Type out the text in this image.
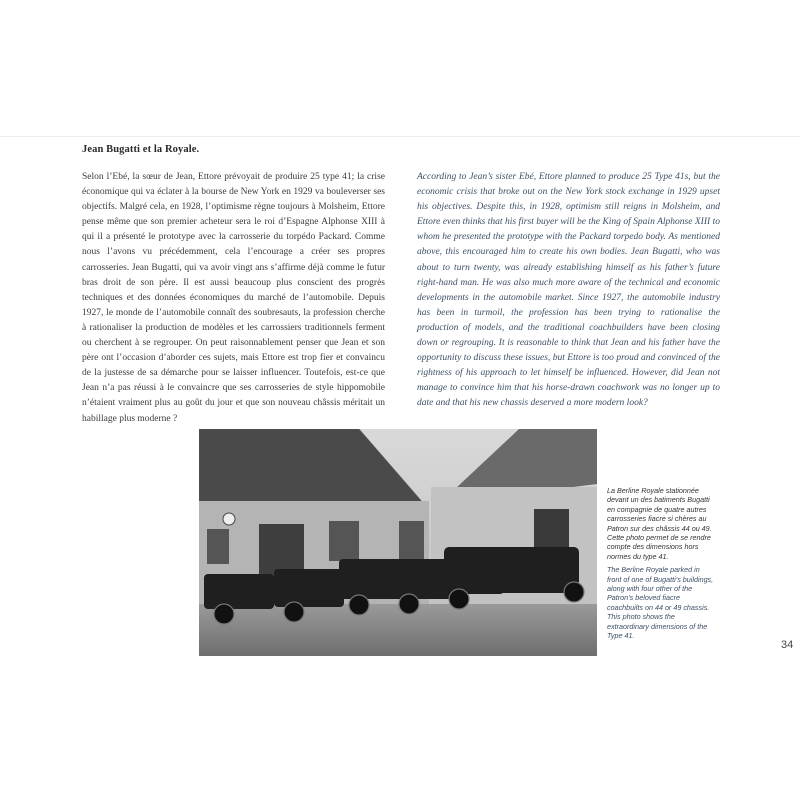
Jean Bugatti et la Royale.

Selon l’Ebé, la sœur de Jean, Ettore prévoyait de produire 25 type 41; la crise économique qui va éclater à la bourse de New York en 1929 va bouleverser ses objectifs. Malgré cela, en 1928, l’optimisme règne toujours à Molsheim, Ettore pense même que son premier acheteur sera le roi d’Espagne Alphonse XIII à qui il a présenté le prototype avec la carrosserie du torpédo Packard. Comme nous l’avons vu précédemment, cela l’encourage a créer ses propres carrosseries. Jean Bugatti, qui va avoir vingt ans s’affirme déjà comme le futur bras droit de son père. Il est aussi beaucoup plus conscient des progrès techniques et des données économiques du marché de l’automobile. Depuis 1927, le monde de l’automobile connaît des soubresauts, la profession cherche à rationaliser la production de modèles et les carrossiers traditionnels ferment ou cherchent à se regrouper. On peut raisonnablement penser que Jean et son père ont l’occasion d’aborder ces sujets, mais Ettore est trop fier et convaincu de la justesse de sa démarche pour se laisser influencer. Toutefois, est-ce que Jean n’a pas réussi à le convaincre que ses carrosseries de style hippomobile n’étaient vraiment plus au goût du jour et que son nouveau châssis méritait un habillage plus moderne ?

According to Jean’s sister Ebé, Ettore planned to produce 25 Type 41s, but the economic crisis that broke out on the New York stock exchange in 1929 upset his objectives. Despite this, in 1928, optimism still reigns in Molsheim, and Ettore even thinks that his first buyer will be the King of Spain Alphonse XIII to whom he presented the prototype with the Packard torpedo body. As mentioned above, this encouraged him to create his own bodies. Jean Bugatti, who was about to turn twenty, was already establishing himself as his father’s future right-hand man. He was also much more aware of the technical and economic developments in the automobile market. Since 1927, the automobile industry has been in turmoil, the profession has been trying to rationalise the production of models, and the traditional coachbuilders have been closing down or regrouping. It is reasonable to think that Jean and his father have the opportunity to discuss these issues, but Ettore is too proud and convinced of the rightness of his approach to let himself be influenced. However, did Jean not manage to convince him that his horse-drawn coachwork was no longer up to date and that his new chassis deserved a more modern look?

La Berline Royale stationnée devant un des batiments Bugatti en compagnie de quatre autres carrosseries fiacre si chères au Patron sur des châssis 44 ou 49. Cette photo permet de se rendre compte des dimensions hors normes du type 41.

The Berline Royale parked in front of one of Bugatti’s buildings, along with four other of the Patron’s beloved fiacre coachbuilts on 44 or 49 chassis. This photo shows the extraordinary dimensions of the Type 41.

34
